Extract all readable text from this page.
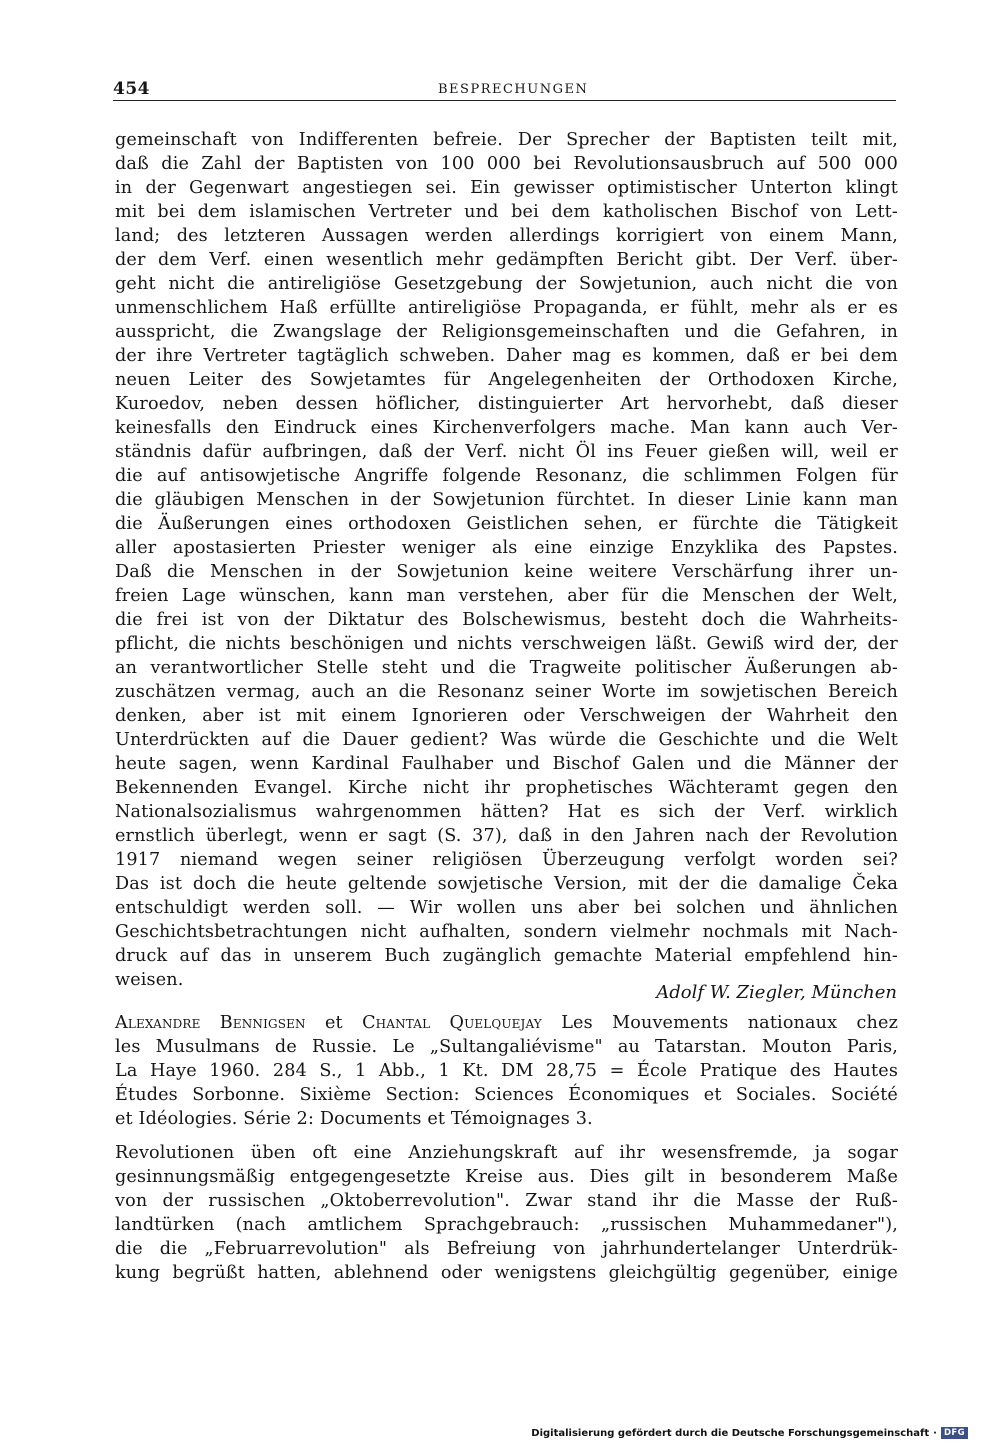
454	BESPRECHUNGEN
gemeinschaft von Indifferenten befreie. Der Sprecher der Baptisten teilt mit,
daß die Zahl der Baptisten von 100 000 bei Revolutionsausbruch auf 500 000
in der Gegenwart angestiegen sei. Ein gewisser optimistischer Unterton klingt
mit bei dem islamischen Vertreter und bei dem katholischen Bischof von Lett-
land; des letzteren Aussagen werden allerdings korrigiert von einem Mann,
der dem Verf. einen wesentlich mehr gedämpften Bericht gibt. Der Verf. über-
geht nicht die antireligiöse Gesetzgebung der Sowjetunion, auch nicht die von
unmenschlichem Haß erfüllte antireligiöse Propaganda, er fühlt, mehr als er es
ausspricht, die Zwangslage der Religionsgemeinschaften und die Gefahren, in
der ihre Vertreter tagtäglich schweben. Daher mag es kommen, daß er bei dem
neuen Leiter des Sowjetamtes für Angelegenheiten der Orthodoxen Kirche,
Kuroedov, neben dessen höflicher, distinguierter Art hervorhebt, daß dieser
keinesfalls den Eindruck eines Kirchenverfolgers mache. Man kann auch Ver-
ständnis dafür aufbringen, daß der Verf. nicht Öl ins Feuer gießen will, weil er
die auf antisowjetische Angriffe folgende Resonanz, die schlimmen Folgen für
die gläubigen Menschen in der Sowjetunion fürchtet. In dieser Linie kann man
die Äußerungen eines orthodoxen Geistlichen sehen, er fürchte die Tätigkeit
aller apostasierten Priester weniger als eine einzige Enzyklika des Papstes.
Daß die Menschen in der Sowjetunion keine weitere Verschärfung ihrer un-
freien Lage wünschen, kann man verstehen, aber für die Menschen der Welt,
die frei ist von der Diktatur des Bolschewismus, besteht doch die Wahrheits-
pflicht, die nichts beschönigen und nichts verschweigen läßt. Gewiß wird der, der
an verantwortlicher Stelle steht und die Tragweite politischer Äußerungen ab-
zuschätzen vermag, auch an die Resonanz seiner Worte im sowjetischen Bereich
denken, aber ist mit einem Ignorieren oder Verschweigen der Wahrheit den
Unterdrückten auf die Dauer gedient? Was würde die Geschichte und die Welt
heute sagen, wenn Kardinal Faulhaber und Bischof Galen und die Männer der
Bekennenden Evangel. Kirche nicht ihr prophetisches Wächteramt gegen den
Nationalsozialismus wahrgenommen hätten? Hat es sich der Verf. wirklich
ernstlich überlegt, wenn er sagt (S. 37), daß in den Jahren nach der Revolution
1917 niemand wegen seiner religiösen Überzeugung verfolgt worden sei?
Das ist doch die heute geltende sowjetische Version, mit der die damalige Čeka
entschuldigt werden soll. — Wir wollen uns aber bei solchen und ähnlichen
Geschichtsbetrachtungen nicht aufhalten, sondern vielmehr nochmals mit Nach-
druck auf das in unserem Buch zugänglich gemachte Material empfehlend hin-
weisen.
Adolf W. Ziegler, München
Alexandre Bennigsen et Chantal Quelquejay Les Mouvements nationaux chez
les Musulmans de Russie. Le „Sultangaliévisme" au Tatarstan. Mouton Paris,
La Haye 1960. 284 S., 1 Abb., 1 Kt. DM 28,75 = École Pratique des Hautes
Études Sorbonne. Sixième Section: Sciences Économiques et Sociales. Société
et Idéologies. Série 2: Documents et Témoignages 3.
Revolutionen üben oft eine Anziehungskraft auf ihr wesensfremde, ja sogar
gesinnungsmäßig entgegengesetzte Kreise aus. Dies gilt in besonderem Maße
von der russischen „Oktoberrevolution". Zwar stand ihr die Masse der Ruß-
landtürken (nach amtlichem Sprachgebrauch: „russischen Muhammedaner"),
die die „Februarrevolution" als Befreiung von jahrhundertelanger Unterdrük-
kung begrüßt hatten, ablehnend oder wenigstens gleichgültig gegenüber, einige
Digitalisierung gefördert durch die Deutsche Forschungsgemeinschaft · DFG
